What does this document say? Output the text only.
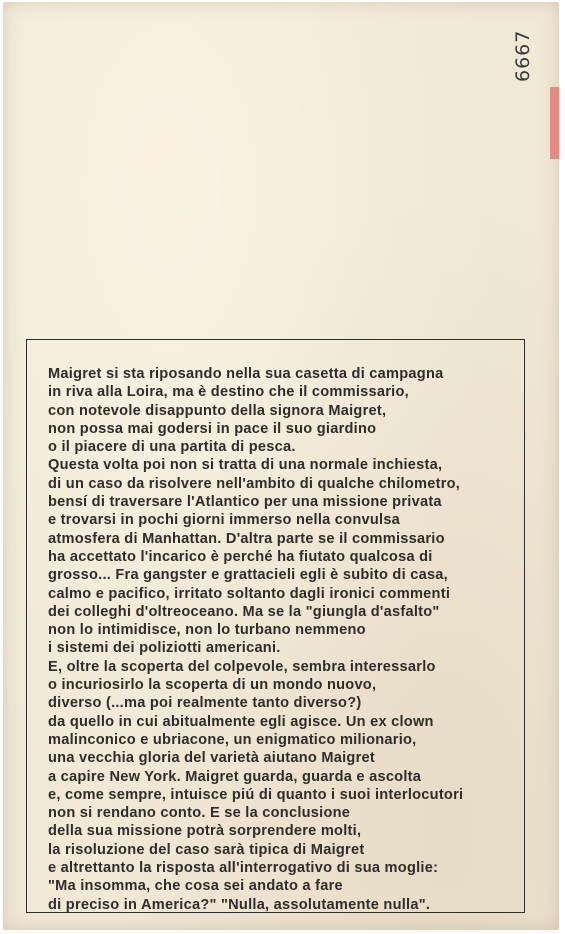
6667

Maigret si sta riposando nella sua casetta di campagna
in riva alla Loira, ma è destino che il commissario,
con notevole disappunto della signora Maigret,
non possa mai godersi in pace il suo giardino
o il piacere di una partita di pesca.
Questa volta poi non si tratta di una normale inchiesta,
di un caso da risolvere nell'ambito di qualche chilometro,
bensí di traversare l'Atlantico per una missione privata
e trovarsi in pochi giorni immerso nella convulsa
atmosfera di Manhattan. D'altra parte se il commissario
ha accettato l'incarico è perché ha fiutato qualcosa di
grosso... Fra gangster e grattacieli egli è subito di casa,
calmo e pacifico, irritato soltanto dagli ironici commenti
dei colleghi d'oltreoceano. Ma se la "giungla d'asfalto"
non lo intimidisce, non lo turbano nemmeno
i sistemi dei poliziotti americani.
E, oltre la scoperta del colpevole, sembra interessarlo
o incuriosirlo la scoperta di un mondo nuovo,
diverso (...ma poi realmente tanto diverso?)
da quello in cui abitualmente egli agisce. Un ex clown
malinconico e ubriacone, un enigmatico milionario,
una vecchia gloria del varietà aiutano Maigret
a capire New York. Maigret guarda, guarda e ascolta
e, come sempre, intuisce piú di quanto i suoi interlocutori
non si rendano conto. E se la conclusione
della sua missione potrà sorprendere molti,
la risoluzione del caso sarà tipica di Maigret
e altrettanto la risposta all'interrogativo di sua moglie:
"Ma insomma, che cosa sei andato a fare
di preciso in America?" "Nulla, assolutamente nulla".
